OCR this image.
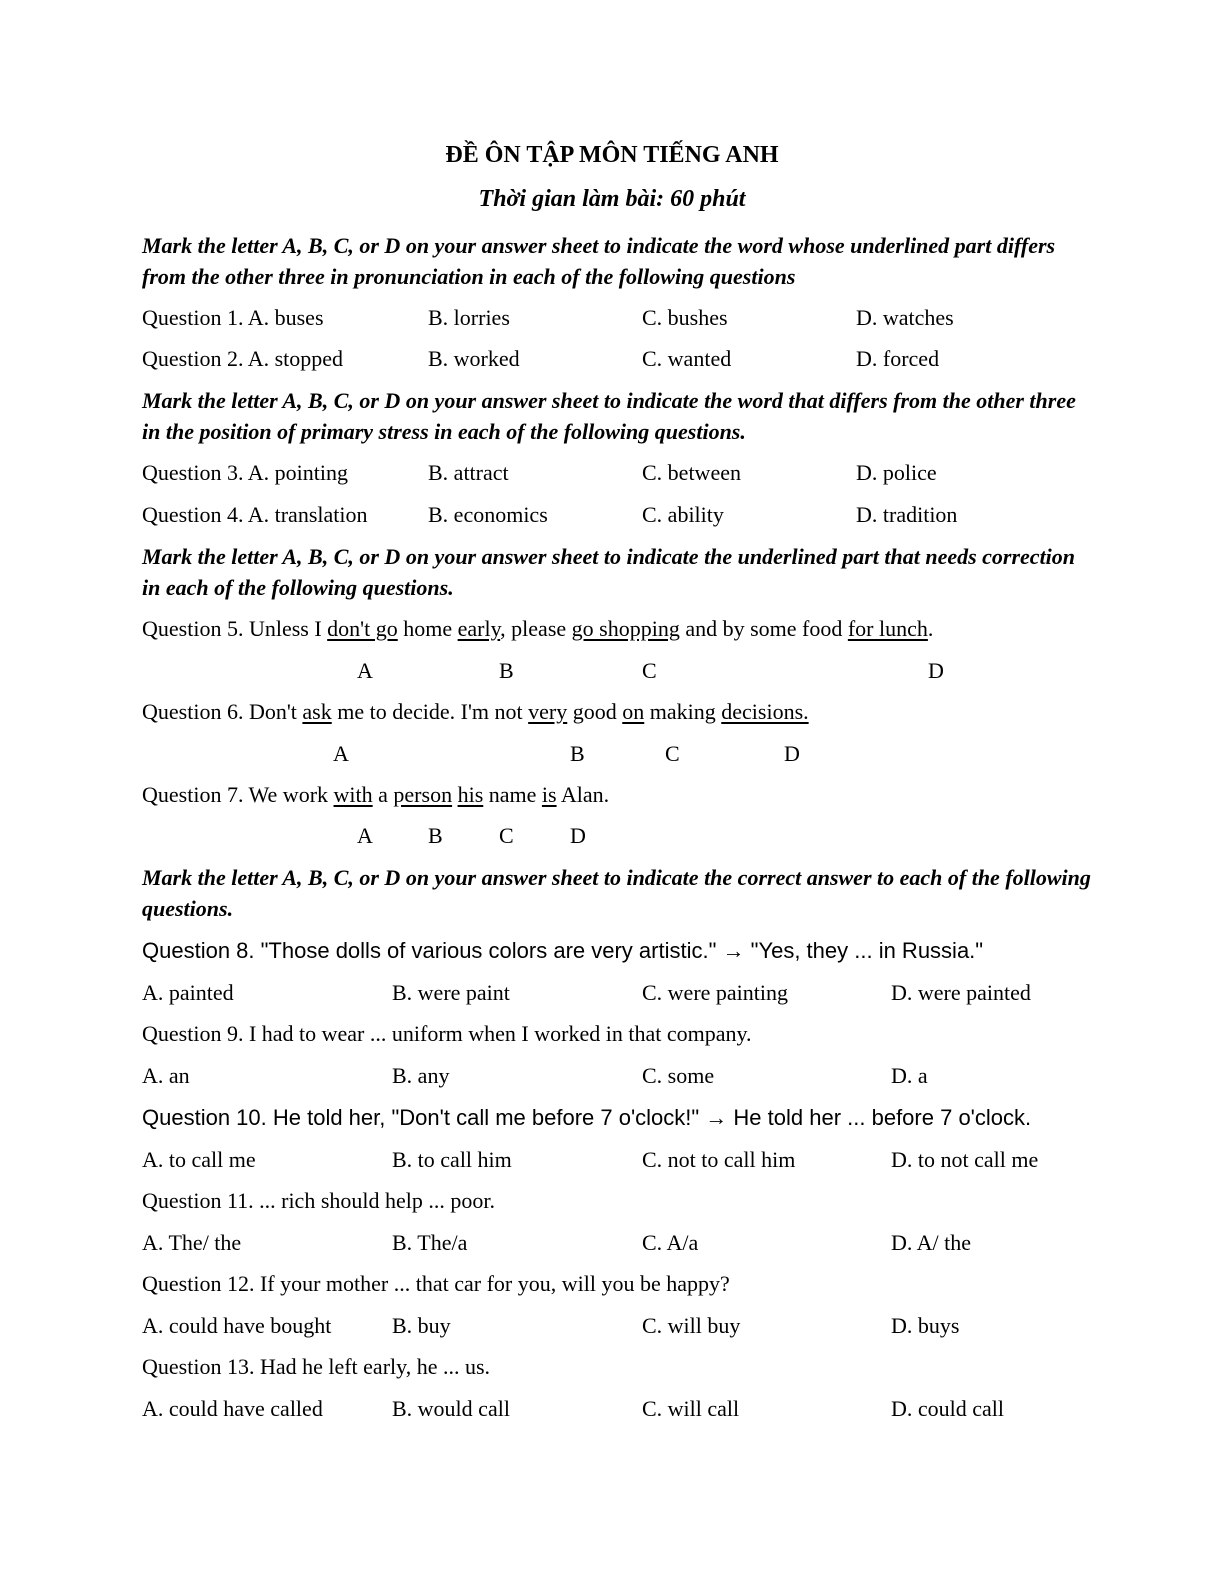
ĐỀ ÔN TẬP MÔN TIẾNG ANH
Thời gian làm bài: 60 phút
Mark the letter A, B, C, or D on your answer sheet to indicate the word whose underlined part differs from the other three in pronunciation in each of the following questions
Question 1. A. buses	B. lorries	C. bushes	D. watches
Question 2. A. stopped	B. worked	C. wanted	D. forced
Mark the letter A, B, C, or D on your answer sheet to indicate the word that differs from the other three in the position of primary stress in each of the following questions.
Question 3. A. pointing	B. attract	C. between	D. police
Question 4. A. translation	B. economics	C. ability	D. tradition
Mark the letter A, B, C, or D on your answer sheet to indicate the underlined part that needs correction in each of the following questions.
Question 5. Unless I don't go home early, please go shopping and by some food for lunch.
A	B	C	D
Question 6. Don't ask me to decide. I'm not very good on making decisions.
A	B	C	D
Question 7. We work with a person his name is Alan.
A	B	C	D
Mark the letter A, B, C, or D on your answer sheet to indicate the correct answer to each of the following questions.
Question 8. "Those dolls of various colors are very artistic." → "Yes, they ... in Russia."
A. painted	B. were paint	C. were painting	D. were painted
Question 9. I had to wear ... uniform when I worked in that company.
A. an	B. any	C. some	D. a
Question 10. He told her, "Don't call me before 7 o'clock!" → He told her ... before 7 o'clock.
A. to call me	B. to call him	C. not to call him	D. to not call me
Question 11. ... rich should help ... poor.
A. The/ the	B. The/a	C. A/a	D. A/ the
Question 12. If your mother ... that car for you, will you be happy?
A. could have bought	B. buy	C. will buy	D. buys
Question 13. Had he left early, he ... us.
A. could have called	B. would call	C. will call	D. could call
